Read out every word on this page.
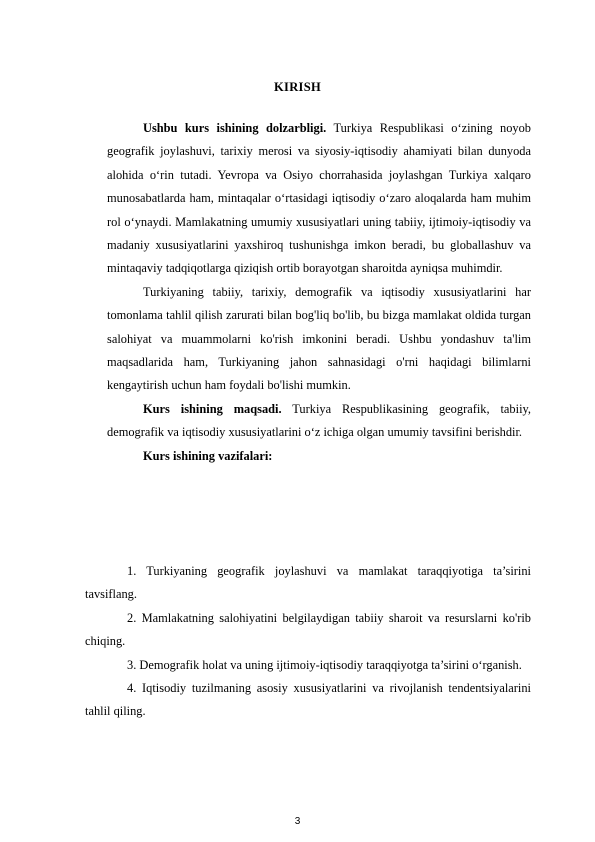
KIRISH

Ushbu kurs ishining dolzarbligi. Turkiya Respublikasi o‘zining noyob geografik joylashuvi, tarixiy merosi va siyosiy-iqtisodiy ahamiyati bilan dunyoda alohida o‘rin tutadi. Yevropa va Osiyo chorrahasida joylashgan Turkiya xalqaro munosabatlarda ham, mintaqalar o‘rtasidagi iqtisodiy o‘zaro aloqalarda ham muhim rol o‘ynaydi. Mamlakatning umumiy xususiyatlari uning tabiiy, ijtimoiy-iqtisodiy va madaniy xususiyatlarini yaxshiroq tushunishga imkon beradi, bu globallashuv va mintaqaviy tadqiqotlarga qiziqish ortib borayotgan sharoitda ayniqsa muhimdir.

Turkiyaning tabiiy, tarixiy, demografik va iqtisodiy xususiyatlarini har tomonlama tahlil qilish zarurati bilan bog'liq bo'lib, bu bizga mamlakat oldida turgan salohiyat va muammolarni ko'rish imkonini beradi. Ushbu yondashuv ta'lim maqsadlarida ham, Turkiyaning jahon sahnasidagi o'rni haqidagi bilimlarni kengaytirish uchun ham foydali bo'lishi mumkin.

Kurs ishining maqsadi. Turkiya Respublikasining geografik, tabiiy, demografik va iqtisodiy xususiyatlarini o‘z ichiga olgan umumiy tavsifini berishdir.

Kurs ishining vazifalari:

1. Turkiyaning geografik joylashuvi va mamlakat taraqqiyotiga ta’sirini tavsiflang.

2. Mamlakatning salohiyatini belgilaydigan tabiiy sharoit va resurslarni ko'rib chiqing.

3. Demografik holat va uning ijtimoiy-iqtisodiy taraqqiyotga ta’sirini o‘rganish.

4. Iqtisodiy tuzilmaning asosiy xususiyatlarini va rivojlanish tendentsiyalarini tahlil qiling.

3
